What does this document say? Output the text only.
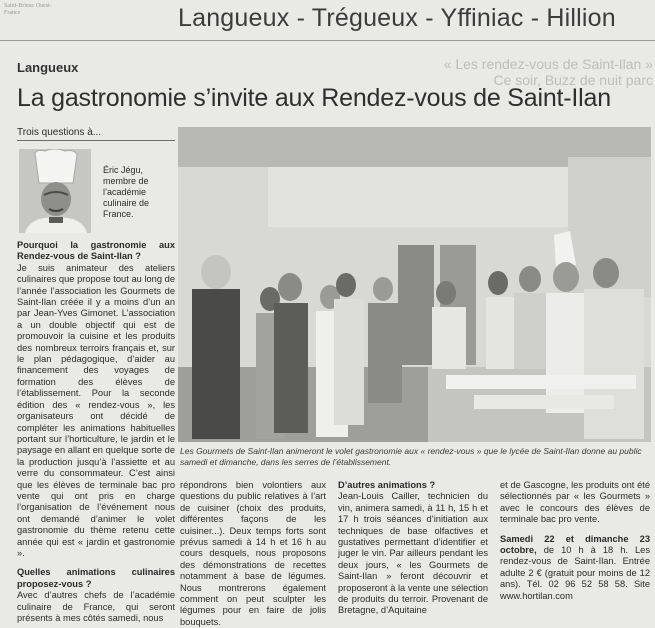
Saint-Brieuc Ouest-France	Langueux - Trégueux - Yffiniac - Hillion
Langueux	« Les rendez-vous de Saint-Ilan »
Ce soir, Buzz de nuit parc
La gastronomie s’invite aux Rendez-vous de Saint-Ilan
Trois questions à...
Éric Jégu,
membre de
l’académie
culinaire de
France.
Les Gourmets de Saint-Ilan animeront le volet gastronomie aux « rendez-vous » que le lycée de Saint-Ilan donne au public samedi et dimanche, dans les serres de l’établissement.

Pourquoi la gastronomie aux Rendez-vous de Saint-Ilan ?

Je suis animateur des ateliers culinaires que propose tout au long de l’année l’association les Gourmets de Saint-Ilan créée il y a moins d’un an par Jean-Yves Gimonet. L’association a un double objectif qui est de promouvoir la cuisine et les produits des nombreux terroirs français et, sur le plan pédagogique, d’aider au financement des voyages de formation des élèves de l’établissement. Pour la seconde édition des « rendez-vous », les organisateurs ont décidé de compléter les animations habituelles portant sur l’horticulture, le jardin et le paysage en allant en quelque sorte de la production jusqu’à l’assiette et au verre du consommateur. C’est ainsi que les élèves de terminale bac pro vente qui ont pris en charge l’organisation de l’événement nous ont demandé d’animer le volet gastronomie du thème retenu cette année qui est « jardin et gastronomie ».

Quelles animations culinaires proposez-vous ?

Avec d’autres chefs de l’académie culinaire de France, qui seront présents à mes côtés samedi, nous

répondrons bien volontiers aux questions du public relatives à l’art de cuisiner (choix des produits, différentes façons de les cuisiner...). Deux temps forts sont prévus samedi à 14 h et 16 h au cours desquels, nous proposons des démonstrations de recettes notamment à base de légumes. Nous montrerons également comment on peut sculpter les légumes pour en faire de jolis bouquets.

D’autres animations ?

Jean-Louis Cailler, technicien du vin, animera samedi, à 11 h, 15 h et 17 h trois séances d’initiation aux techniques de base olfactives et gustatives permettant d’identifier et juger le vin. Par ailleurs pendant les deux jours, « les Gourmets de Saint-Ilan » feront découvrir et proposeront à la vente une sélection de produits du terroir. Provenant de Bretagne, d’Aquitaine

et de Gascogne, les produits ont été sélectionnés par « les Gourmets » avec le concours des élèves de terminale bac pro vente.

Samedi 22 et dimanche 23 octobre, de 10 h à 18 h. Les rendez-vous de Saint-Ilan. Entrée adulte 2 € (gratuit pour moins de 12 ans). Tél. 02 96 52 58 58. Site www.hortilan.com
